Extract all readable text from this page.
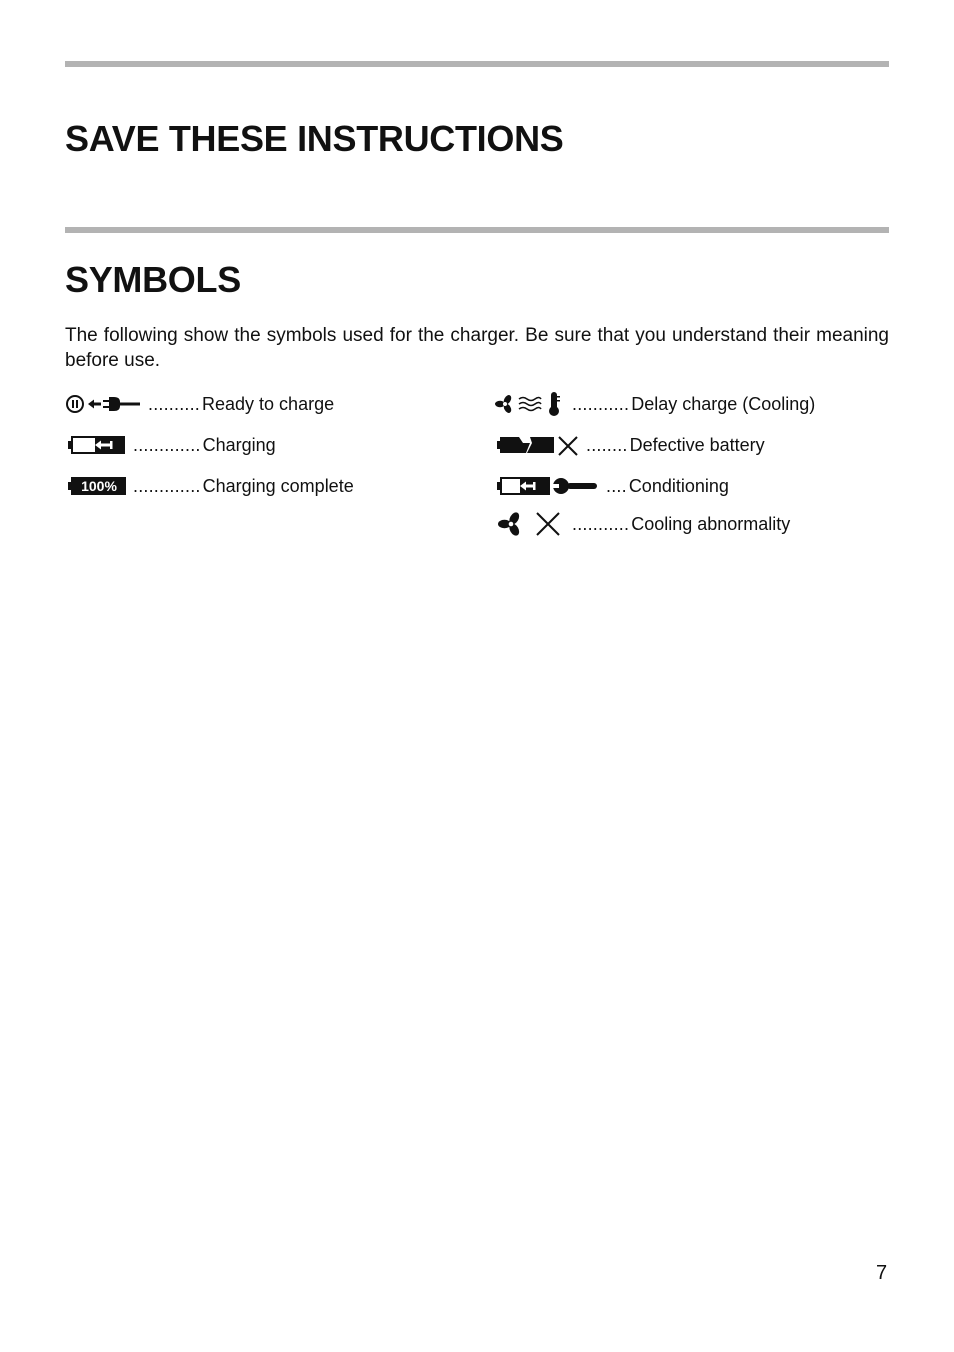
SAVE THESE INSTRUCTIONS
SYMBOLS

The following show the symbols used for the charger. Be sure that you understand their meaning before use.

.......... Ready to charge
............. Charging
100% ............. Charging complete
........... Delay charge (Cooling)
........ Defective battery
.... Conditioning
........... Cooling abnormality
7
